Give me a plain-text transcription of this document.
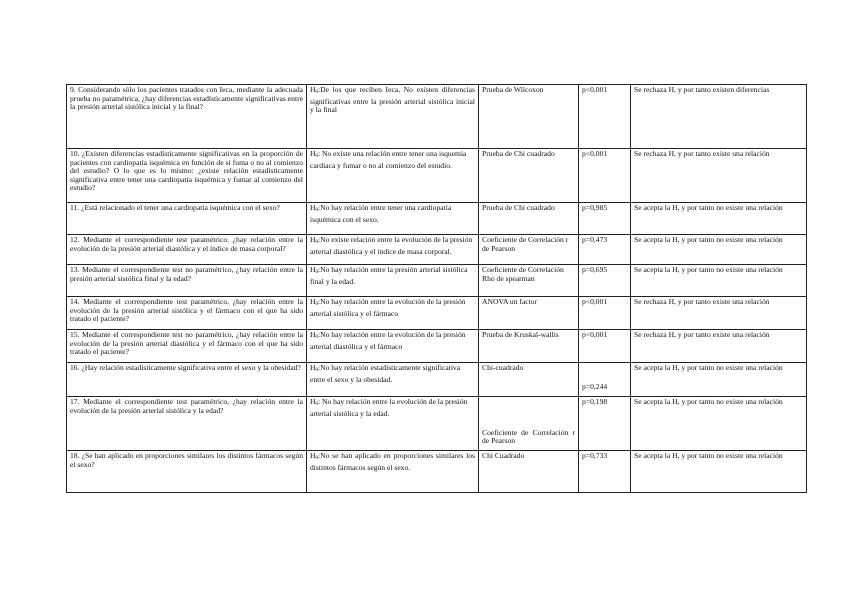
9. Considerando sólo los pacientes tratados con Ieca, mediante la adecuada prueba no paramétrica, ¿hay diferencias estadísticamente significativas entre la presión arterial sistólica inicial y la final?	$H_0:De$ los que reciben Ieca, No existen diferencias significativas entre la presión arterial sistólica inicial y la final	Prueba de Wilcoxon	p<0,001	Se rechaza H, y por tanto existen diferencias
10. ¿Existen diferencias estadísticamente significativas en la proporción de pacientes con cardiopatía isquémica en función de si fuma o no al comienzo del estudio? O lo que es lo mismo: ¿existe relación estadísticamente significativa entre tener una cardiopatía isquémica y fumar al comienzo del estudio?	$H_0$: No existe una relación entre tener una isquemia cardiaca y fumar o no al comienzo del estudio.	Prueba de Chi cuadrado	p<0,001	Se rechaza H, y por tanto existe una relación
11. ¿Está relacionado el tener una cardiopatía isquémica con el sexo?	$H_0:No$ hay relación entre tener una cardiopatía isquémica con el sexo.	Prueba de Chi cuadrado	p=0,985	Se acepta la H, y por tanto no existe una relación
12. Mediante el correspondiente test paramétrico. ¿hay relación entre la evolución de la presión arterial diastólica y el índice de masa corporal?	$H_0:No$ existe relación entre la evolución de la presión arterial diastólica y el índice de masa corporal.	Coeficiente de Correlación r de Pearson	p=0,473	Se acepta la H, y por tanto no existe una relación
13. Mediante el correspondiente test no paramétrico, ¿hay relación entre la presión arterial sistólica final y la edad?	$H_0:No$ hay relación entre la presión arterial sistólica final y la edad.	Coeficiente de Correlación Rho de spearman	p=0,695	Se acepta la H, y por tanto no existe una relación
14. Mediante el correspondiente test paramétrico, ¿hay relación entre la evolución de la presión arterial sistólica y el fármaco con el que ha sido tratado el paciente?	$H_0:No$ hay relación entre la evolución de la presión arterial sistólica y el fármaco	ANOVA un factor	p<0,001	Se rechaza H, y por tanto existe una relación
15. Mediante el correspondiente test no paramétrico, ¿hay relación entre la evolución de la presión arterial diastólica y el fármaco con el que ha sido tratado el paciente?	$H_0:No$ hay relación entre la evolución de la presión arterial diastólica y el fármaco	Prueba de Kruskal-wallis	p<0,001	Se rechaza H, y por tanto existe una relación
16. ¿Hay relación estadísticamente significativa entre el sexo y la obesidad?	$H_0:No$ hay relación estadísticamente significativa entre el sexo y la obesidad.	Chi-cuadrado	p=0,244	Se acepta la H, y por tanto no existe una relación
17. Mediante el correspondiente test paramétrico, ¿hay relación entre la evolución de la presión arterial sistólica y la edad?	$H_0$: No hay relación entre la evolución de la presión arterial sistólica y la edad.	Coeficiente de Correlación r de Pearson	p=0,198	Se acepta la H, y por tanto no existe una relación
18. ¿Se han aplicado en proporciones similares los distintos fármacos según el sexo?	$H_0:No$ se han aplicado en proporciones similares los distintos fármacos según el sexo.	Chi Cuadrado	p=0,733	Se acepta la H, y por tanto no existe una relación
